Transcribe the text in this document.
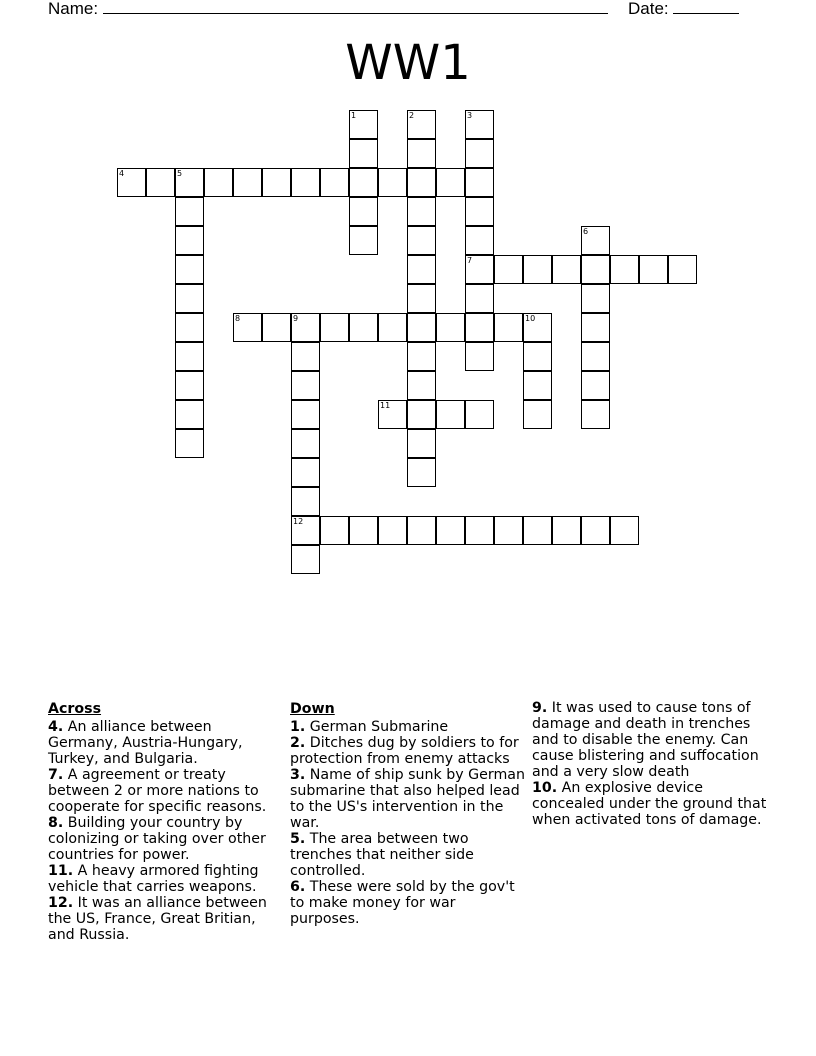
Name:	Date:
WW1
1	2	3
7
4	5
6
8	9	10
12
11
Across

4. An alliance between Germany, Austria-Hungary, Turkey, and Bulgaria.

7. A agreement or treaty between 2 or more nations to cooperate for specific reasons.

8. Building your country by colonizing or taking over other countries for power.

11. A heavy armored fighting vehicle that carries weapons.

12. It was an alliance between the US, France, Great Britian, and Russia.

Down

1. German Submarine

2. Ditches dug by soldiers to for protection from enemy attacks

3. Name of ship sunk by German submarine that also helped lead to the US's intervention in the war.

5. The area between two trenches that neither side controlled.

6. These were sold by the gov't to make money for war purposes.

9. It was used to cause tons of damage and death in trenches and to disable the enemy. Can cause blistering and suffocation and a very slow death

10. An explosive device concealed under the ground that when activated tons of damage.
